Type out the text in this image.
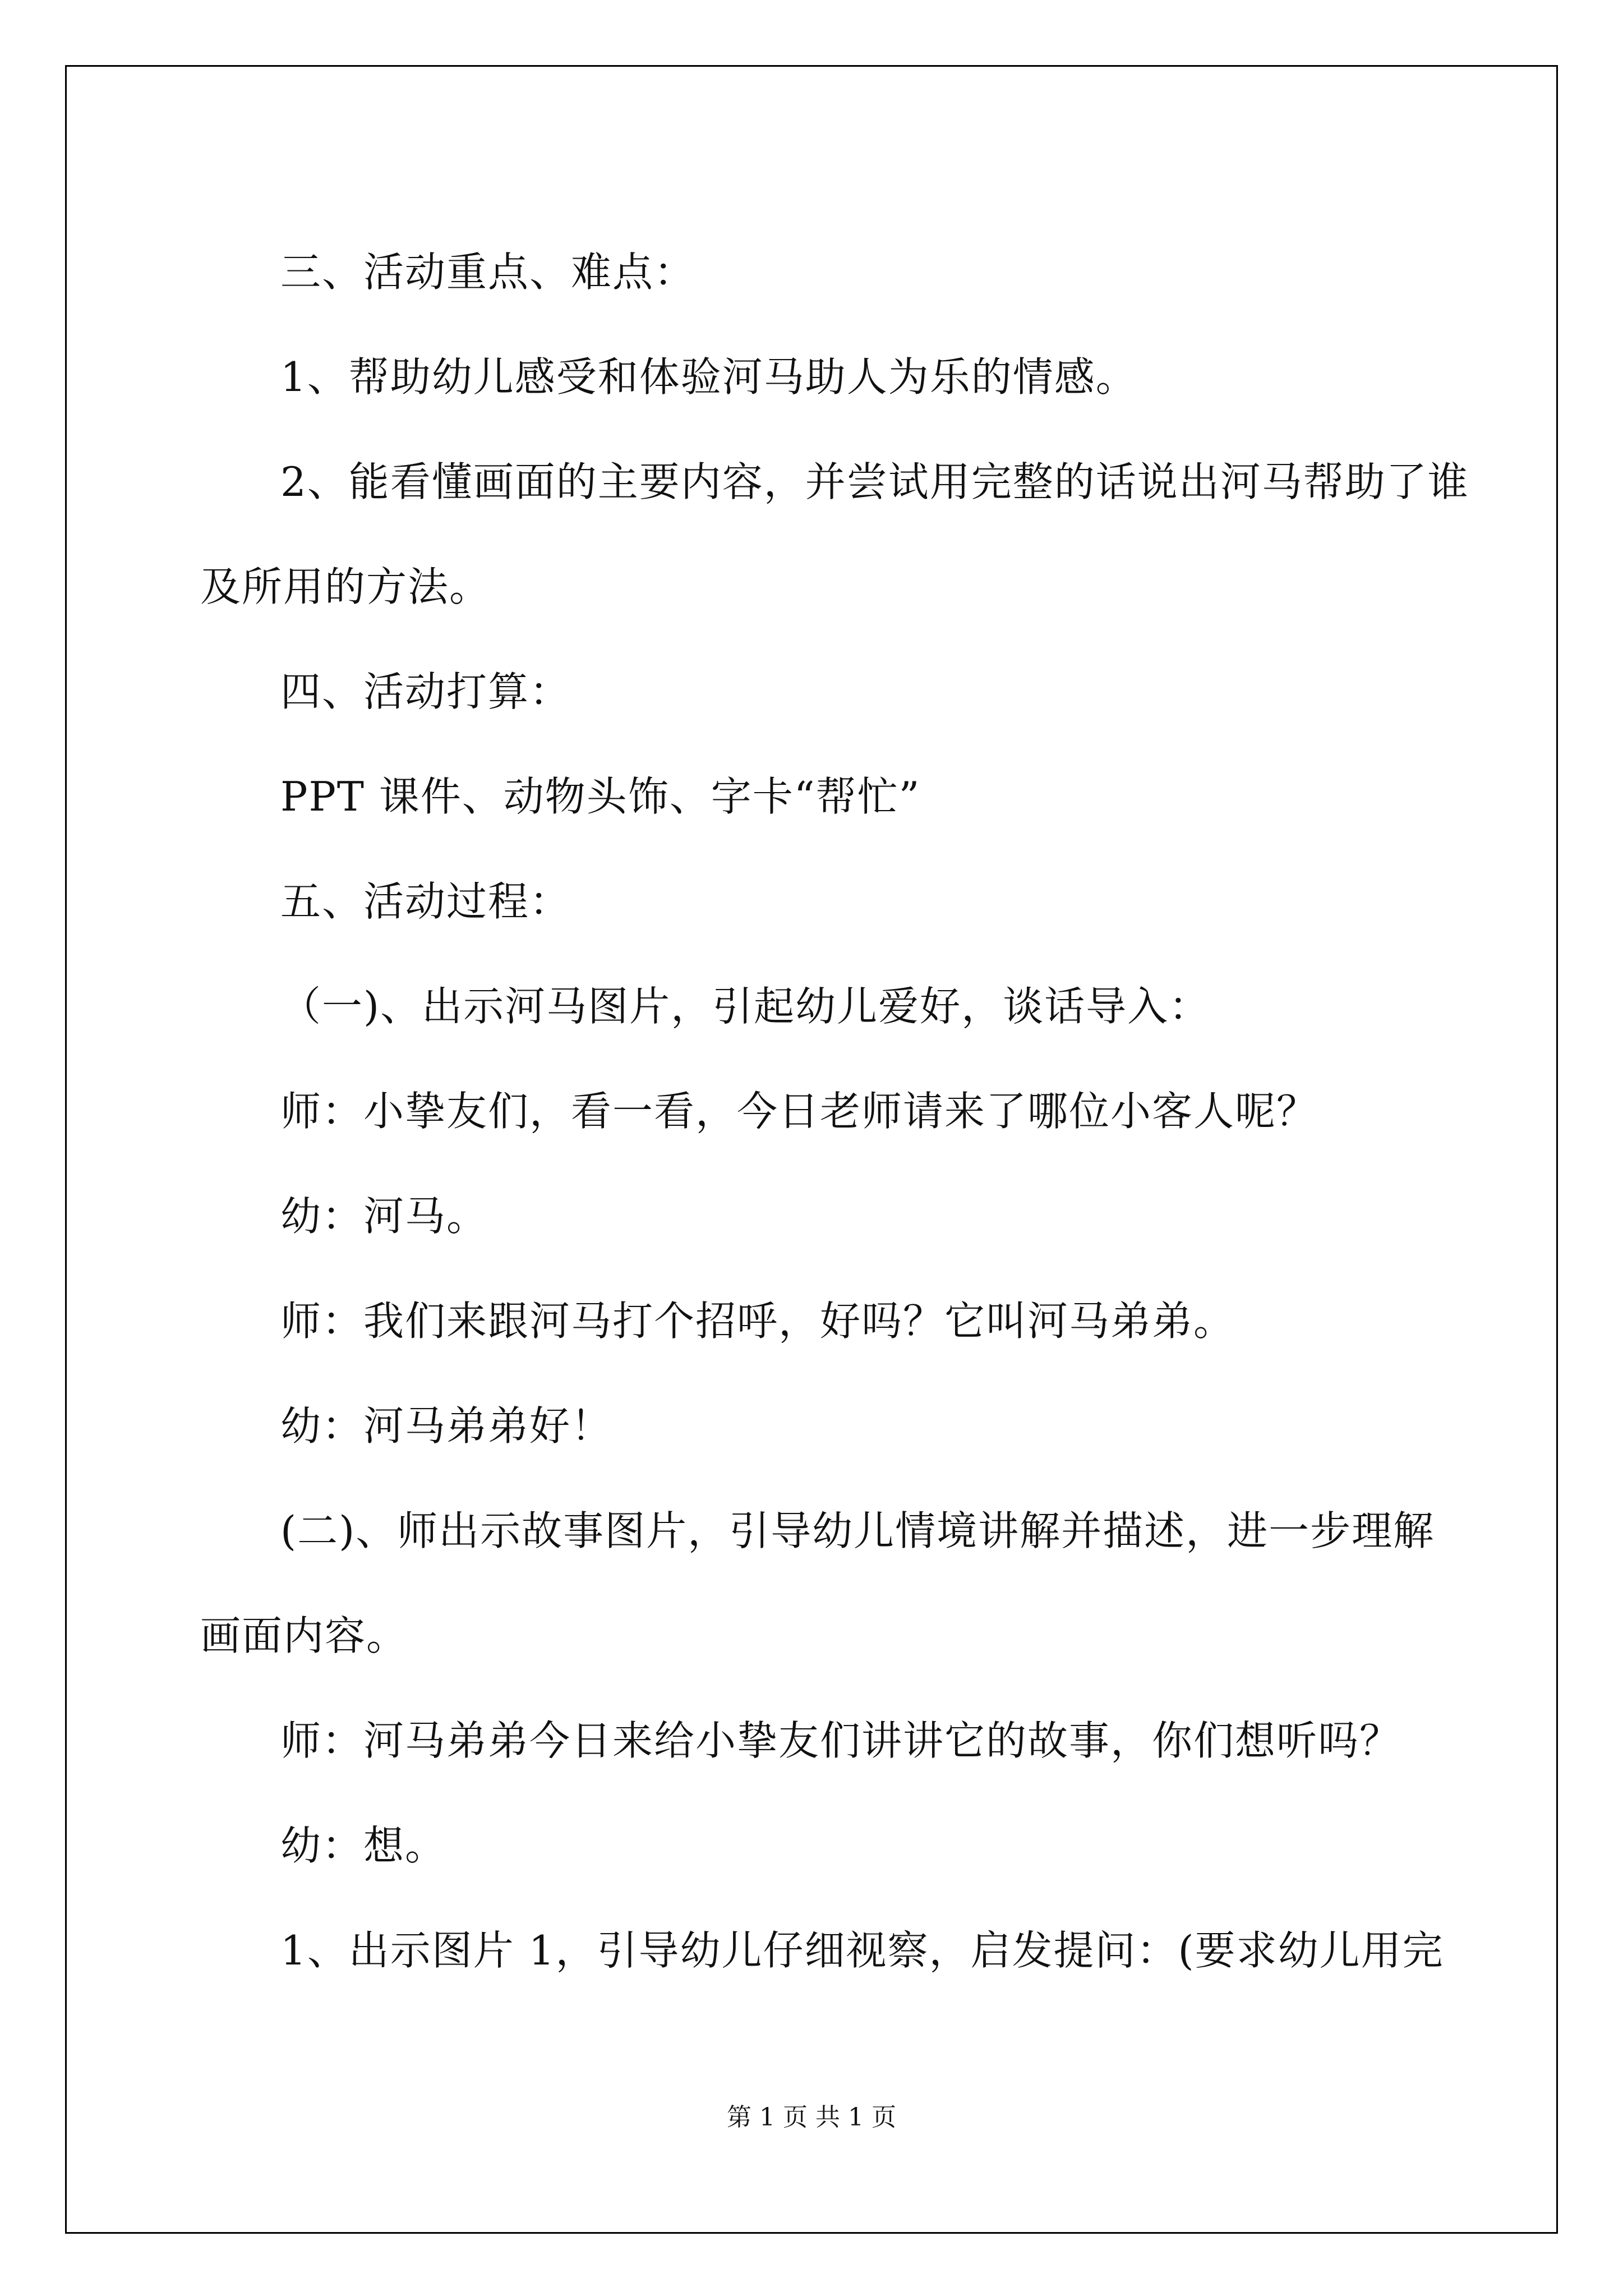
三、活动重点、难点：

1、帮助幼儿感受和体验河马助人为乐的情感。

2、能看懂画面的主要内容，并尝试用完整的话说出河马帮助了谁

及所用的方法。

四、活动打算：

PPT 课件、动物头饰、字卡“帮忙”

五、活动过程：

（一)、出示河马图片，引起幼儿爱好，谈话导入：

师：小挚友们，看一看，今日老师请来了哪位小客人呢？

幼：河马。

师：我们来跟河马打个招呼，好吗？它叫河马弟弟。

幼：河马弟弟好！

(二)、师出示故事图片，引导幼儿情境讲解并描述，进一步理解

画面内容。

师：河马弟弟今日来给小挚友们讲讲它的故事，你们想听吗？

幼：想。

1、出示图片 1，引导幼儿仔细视察，启发提问：(要求幼儿用完

第 1 页 共 1 页
